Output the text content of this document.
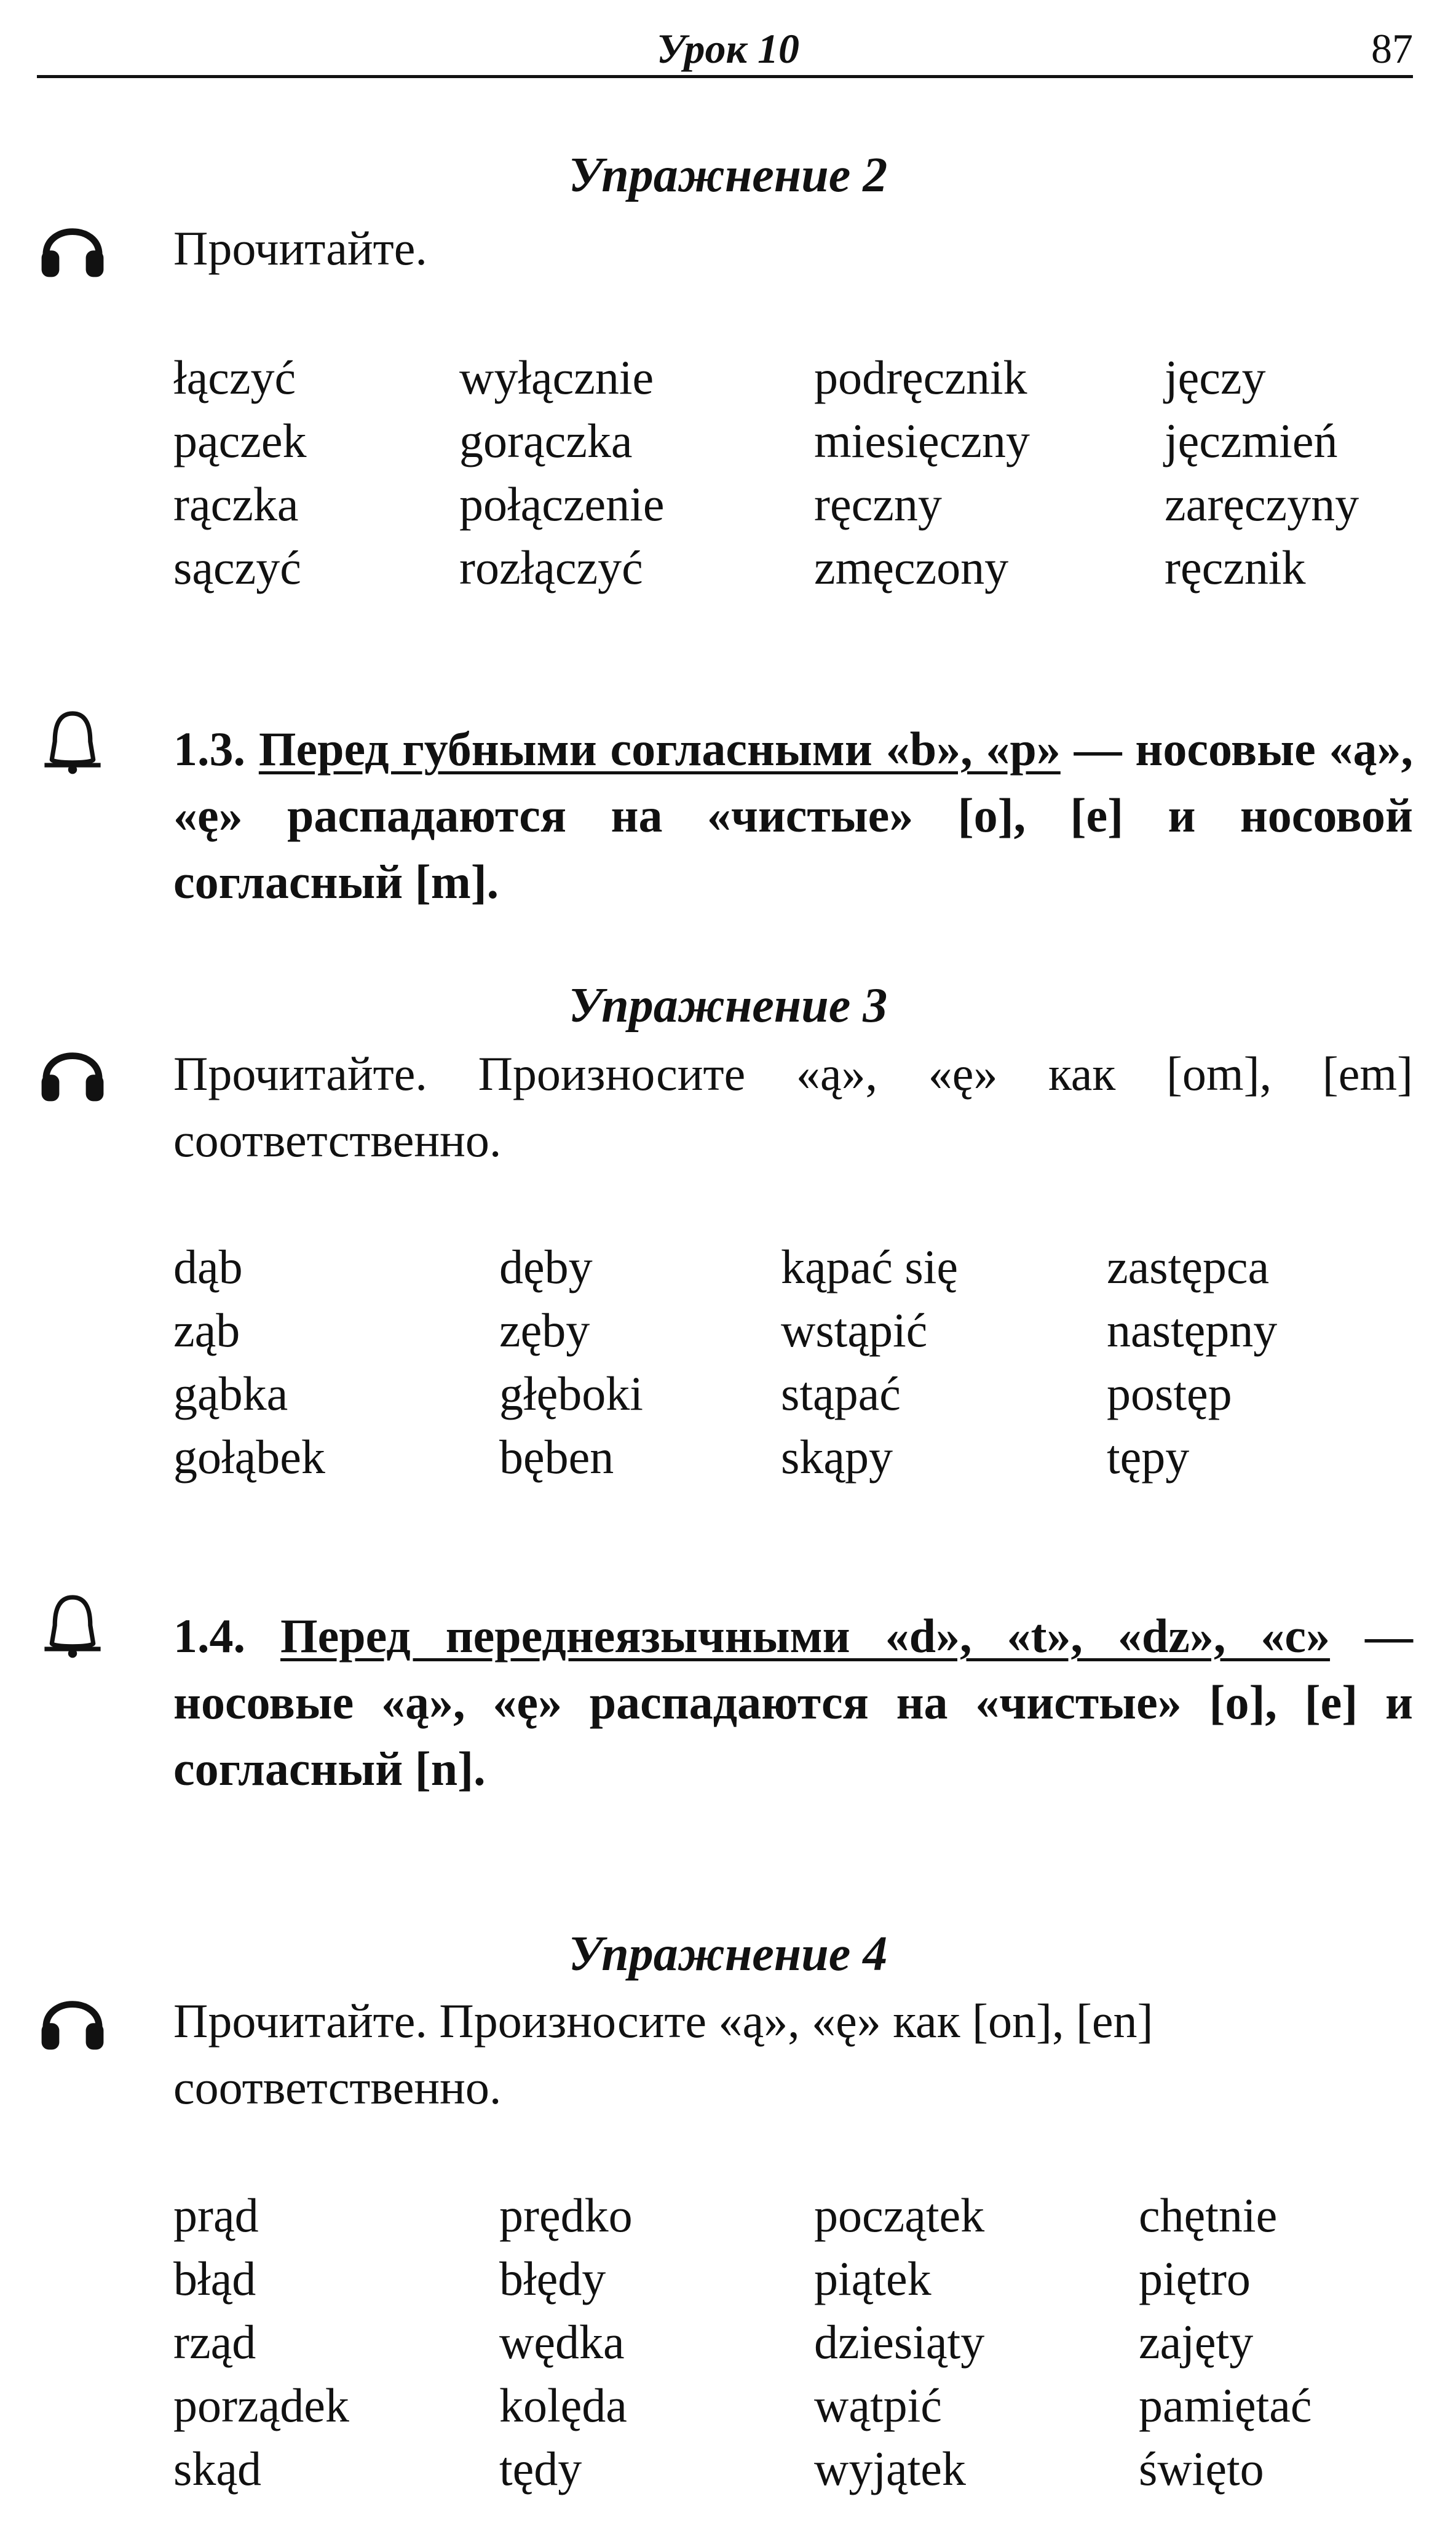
Урок 10	87
Упражнение 2
Прочитайте.
łączyć
pączek
rączka
sączyć
wyłącznie
gorączka
połączenie
rozłączyć
podręcznik
miesięczny
ręczny
zmęczony
jęczy
jęczmień
zaręczyny
ręcznik
1.3. Перед губными согласными «b», «p» — носовые «ą», «ę» распадаются на «чистые» [o], [e] и носовой согласный [m].
Упражнение 3
Прочитайте. Произносите «ą», «ę» как [om], [em] соответственно.
dąb
ząb
gąbka
gołąbek
dęby
zęby
głęboki
bęben
kąpać się
wstąpić
stąpać
skąpy
zastępca
następny
postęp
tępy
1.4. Перед переднеязычными «d», «t», «dz», «c» — носовые «ą», «ę» распадаются на «чистые» [o], [e] и согласный [n].
Упражнение 4
Прочитайте. Произносите «ą», «ę» как [on], [en] соответственно.
prąd
błąd
rząd
porządek
skąd
prędko
błędy
wędka
kolęda
tędy
początek
piątek
dziesiąty
wątpić
wyjątek
chętnie
piętro
zajęty
pamiętać
święto
